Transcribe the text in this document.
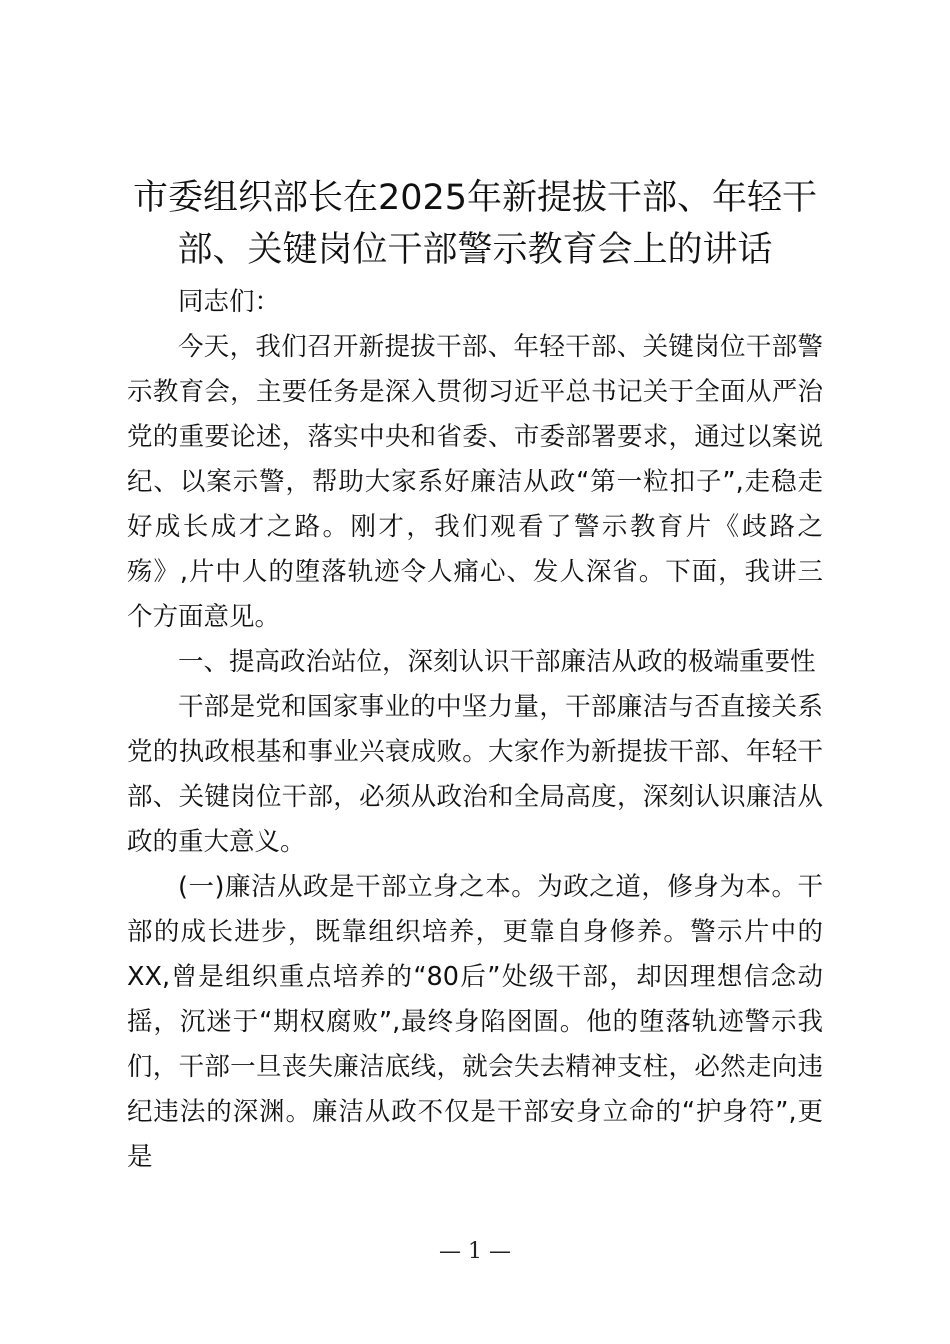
市委组织部长在2025年新提拔干部、年轻干部、关键岗位干部警示教育会上的讲话

同志们：

今天，我们召开新提拔干部、年轻干部、关键岗位干部警示教育会，主要任务是深入贯彻习近平总书记关于全面从严治党的重要论述，落实中央和省委、市委部署要求，通过以案说纪、以案示警，帮助大家系好廉洁从政“第一粒扣子”,走稳走好成长成才之路。刚才，我们观看了警示教育片《歧路之殇》,片中人的堕落轨迹令人痛心、发人深省。下面，我讲三个方面意见。

一、提高政治站位，深刻认识干部廉洁从政的极端重要性

干部是党和国家事业的中坚力量，干部廉洁与否直接关系党的执政根基和事业兴衰成败。大家作为新提拔干部、年轻干部、关键岗位干部，必须从政治和全局高度，深刻认识廉洁从政的重大意义。

(一)廉洁从政是干部立身之本。为政之道，修身为本。干部的成长进步，既靠组织培养，更靠自身修养。警示片中的XX,曾是组织重点培养的“80后”处级干部，却因理想信念动摇，沉迷于“期权腐败”,最终身陷囹圄。他的堕落轨迹警示我们，干部一旦丧失廉洁底线，就会失去精神支柱，必然走向违纪违法的深渊。廉洁从政不仅是干部安身立命的“护身符”,更是

— 1 —
